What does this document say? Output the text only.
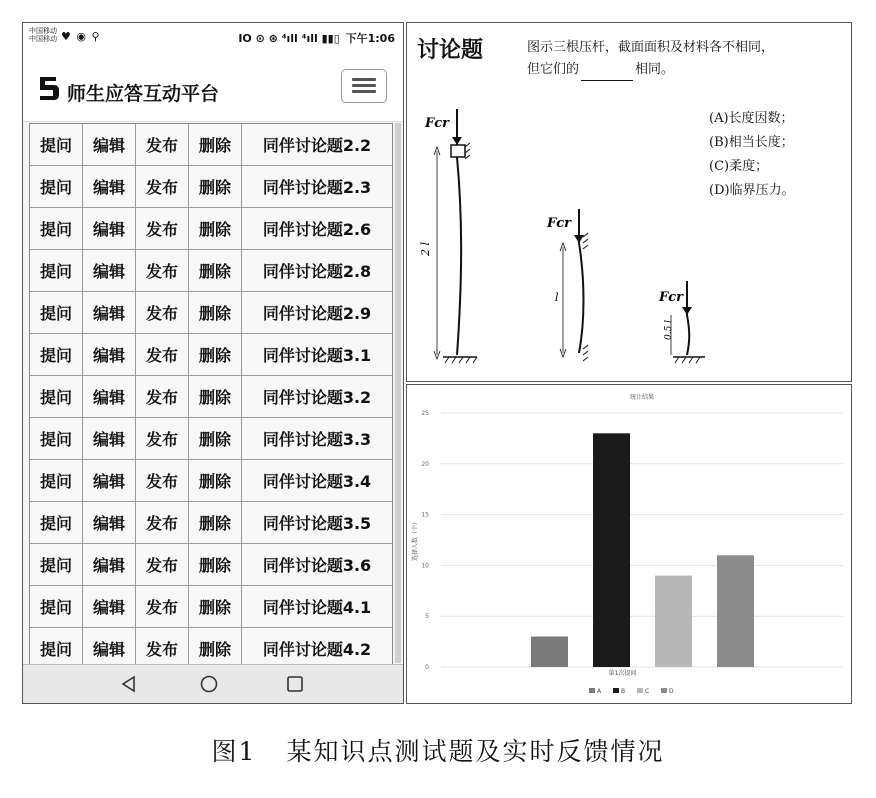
中国移动
中国移动 ♥ ◉ ⚲	IO ⊙ ⊛ ⁴ıll ⁴ıll ▮▮▯ 下午1:06
师生应答互动平台
提问	编辑	发布	删除	同伴讨论题2.2
提问	编辑	发布	删除	同伴讨论题2.3
提问	编辑	发布	删除	同伴讨论题2.6
提问	编辑	发布	删除	同伴讨论题2.8
提问	编辑	发布	删除	同伴讨论题2.9
提问	编辑	发布	删除	同伴讨论题3.1
提问	编辑	发布	删除	同伴讨论题3.2
提问	编辑	发布	删除	同伴讨论题3.3
提问	编辑	发布	删除	同伴讨论题3.4
提问	编辑	发布	删除	同伴讨论题3.5
提问	编辑	发布	删除	同伴讨论题3.6
提问	编辑	发布	删除	同伴讨论题4.1
提问	编辑	发布	删除	同伴讨论题4.2
讨论题	图示三根压杆，截面面积及材料各不相同，
但它们的	相同。
(A)长度因数；
(B)相当长度；
(C)柔度；
(D)临界压力。
Fcr
2 l
Fcr
l	Fcr
0.5 l
统计结果
0
5
10
15
20
25
选择人数（个）
第1次提问
A	B	C	D
图1 某知识点测试题及实时反馈情况
